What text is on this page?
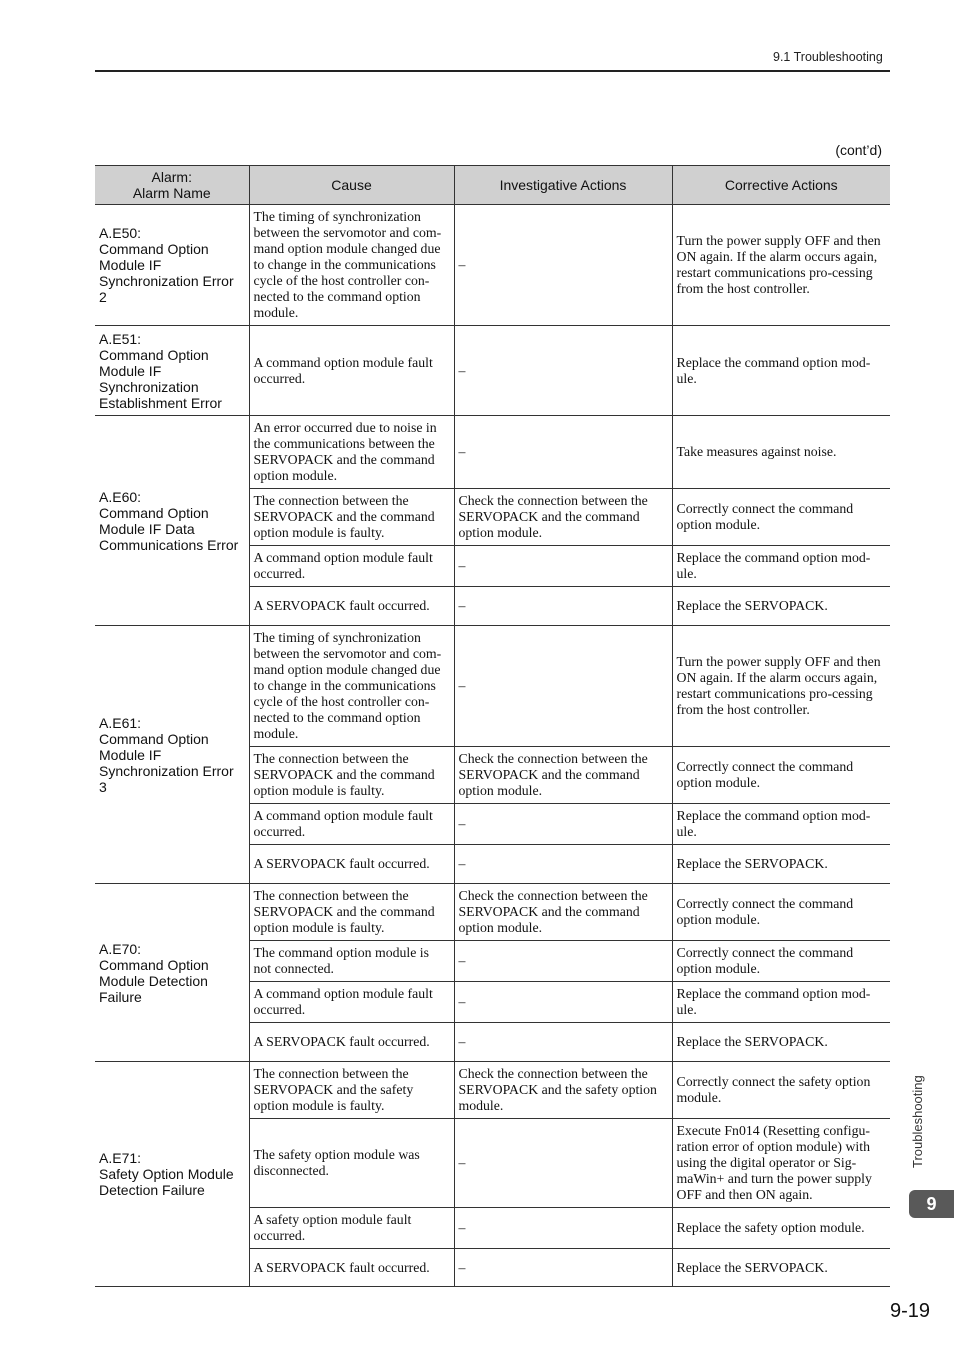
9.1 Troubleshooting
(cont’d)
Alarm:
Alarm Name	Cause	Investigative Actions	Corrective Actions

A.E50:
Command Option Module IF Synchronization Error 2	The timing of synchronization between the servomotor and com-mand option module changed due to change in the communications cycle of the host controller con-nected to the command option module.	–	Turn the power supply OFF and then ON again. If the alarm occurs again, restart communications pro-cessing from the host controller.

A.E51:
Command Option Module IF Synchronization Establishment Error	A command option module fault occurred.	–	Replace the command option mod-ule.

A.E60:
Command Option Module IF Data Communications Error	An error occurred due to noise in the communications between the SERVOPACK and the command option module.	–	Take measures against noise.
	The connection between the SERVOPACK and the command option module is faulty.	Check the connection between the SERVOPACK and the command option module.	Correctly connect the command option module.
	A command option module fault occurred.	–	Replace the command option mod-ule.
	A SERVOPACK fault occurred.	–	Replace the SERVOPACK.

A.E61:
Command Option Module IF Synchronization Error 3	The timing of synchronization between the servomotor and com-mand option module changed due to change in the communications cycle of the host controller con-nected to the command option module.	–	Turn the power supply OFF and then ON again. If the alarm occurs again, restart communications pro-cessing from the host controller.
	The connection between the SERVOPACK and the command option module is faulty.	Check the connection between the SERVOPACK and the command option module.	Correctly connect the command option module.
	A command option module fault occurred.	–	Replace the command option mod-ule.
	A SERVOPACK fault occurred.	–	Replace the SERVOPACK.

A.E70:
Command Option Module Detection Failure	The connection between the SERVOPACK and the command option module is faulty.	Check the connection between the SERVOPACK and the command option module.	Correctly connect the command option module.
	The command option module is not connected.	–	Correctly connect the command option module.
	A command option module fault occurred.	–	Replace the command option mod-ule.
	A SERVOPACK fault occurred.	–	Replace the SERVOPACK.

A.E71:
Safety Option Module Detection Failure	The connection between the SERVOPACK and the safety option module is faulty.	Check the connection between the SERVOPACK and the safety option module.	Correctly connect the safety option module.
	The safety option module was disconnected.	–	Execute Fn014 (Resetting configu-ration error of option module) with using the digital operator or Sig-maWin+ and turn the power supply OFF and then ON again.
	A safety option module fault occurred.	–	Replace the safety option module.
	A SERVOPACK fault occurred.	–	Replace the SERVOPACK.
Troubleshooting
9
9-19
